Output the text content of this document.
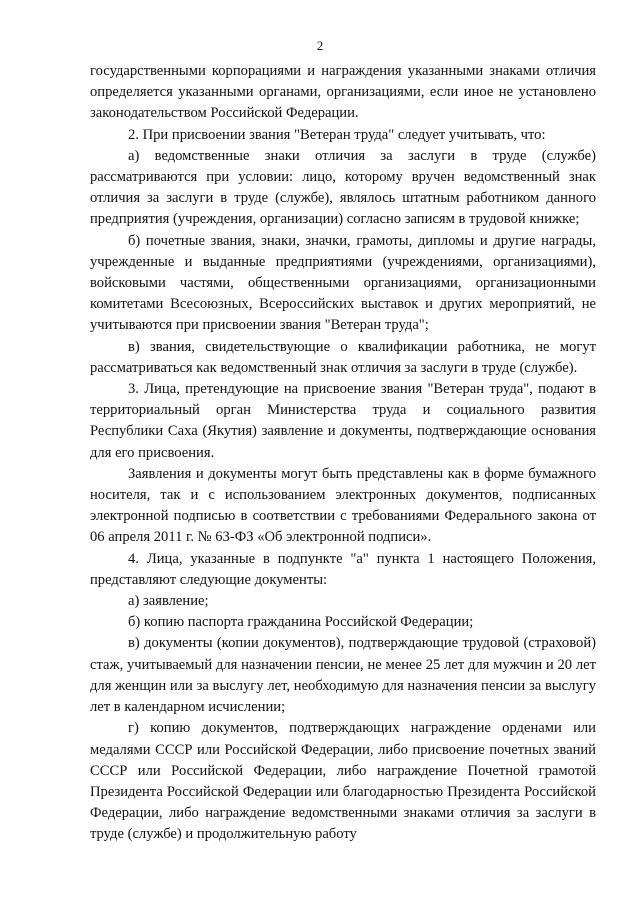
2

государственными корпорациями и награждения указанными знаками отличия определяется указанными органами, организациями, если иное не установлено законодательством Российской Федерации.

2. При присвоении звания "Ветеран труда" следует учитывать, что:

а) ведомственные знаки отличия за заслуги в труде (службе) рассматриваются при условии: лицо, которому вручен ведомственный знак отличия за заслуги в труде (службе), являлось штатным работником данного предприятия (учреждения, организации) согласно записям в трудовой книжке;

б) почетные звания, знаки, значки, грамоты, дипломы и другие награды, учрежденные и выданные предприятиями (учреждениями, организациями), войсковыми частями, общественными организациями, организационными комитетами Всесоюзных, Всероссийских выставок и других мероприятий, не учитываются при присвоении звания "Ветеран труда";

в) звания, свидетельствующие о квалификации работника, не могут рассматриваться как ведомственный знак отличия за заслуги в труде (службе).

3. Лица, претендующие на присвоение звания "Ветеран труда", подают в территориальный орган Министерства труда и социального развития Республики Саха (Якутия) заявление и документы, подтверждающие основания для его присвоения.

Заявления и документы могут быть представлены как в форме бумажного носителя, так и с использованием электронных документов, подписанных электронной подписью в соответствии с требованиями Федерального закона от 06 апреля 2011 г. № 63-ФЗ «Об электронной подписи».

4. Лица, указанные в подпункте "а" пункта 1 настоящего Положения, представляют следующие документы:

а) заявление;

б) копию паспорта гражданина Российской Федерации;

в) документы (копии документов), подтверждающие трудовой (страховой) стаж, учитываемый для назначении пенсии, не менее 25 лет для мужчин и 20 лет для женщин или за выслугу лет, необходимую для назначения пенсии за выслугу лет в календарном исчислении;

г) копию документов, подтверждающих награждение орденами или медалями СССР или Российской Федерации, либо присвоение почетных званий СССР или Российской Федерации, либо награждение Почетной грамотой Президента Российской Федерации или благодарностью Президента Российской Федерации, либо награждение ведомственными знаками отличия за заслуги в труде (службе) и продолжительную работу
